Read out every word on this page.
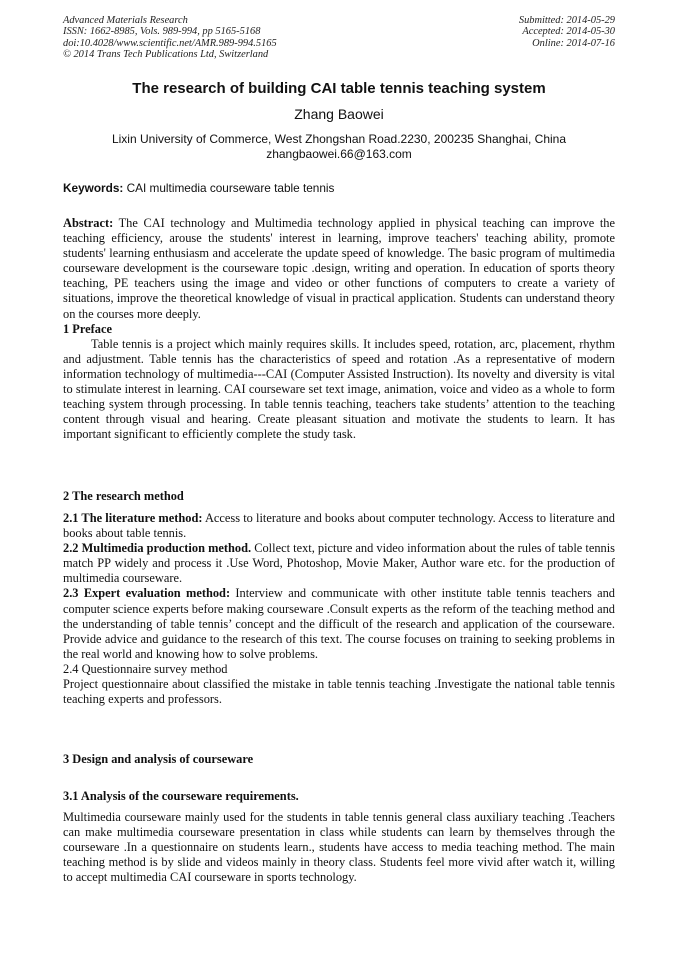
Advanced Materials Research
ISSN: 1662-8985, Vols. 989-994, pp 5165-5168
doi:10.4028/www.scientific.net/AMR.989-994.5165
© 2014 Trans Tech Publications Ltd, Switzerland
Submitted: 2014-05-29
Accepted: 2014-05-30
Online: 2014-07-16
The research of building CAI table tennis teaching system
Zhang Baowei
Lixin University of Commerce, West Zhongshan Road.2230, 200235 Shanghai, China
zhangbaowei.66@163.com
Keywords: CAI multimedia courseware table tennis

Abstract: The CAI technology and Multimedia technology applied in physical teaching can improve the teaching efficiency, arouse the students' interest in learning, improve teachers' teaching ability, promote students' learning enthusiasm and accelerate the update speed of knowledge. The basic program of multimedia courseware development is the courseware topic .design, writing and operation. In education of sports theory teaching, PE teachers using the image and video or other functions of computers to create a variety of situations, improve the theoretical knowledge of visual in practical application. Students can understand theory on the courses more deeply.

1 Preface

Table tennis is a project which mainly requires skills. It includes speed, rotation, arc, placement, rhythm and adjustment. Table tennis has the characteristics of speed and rotation .As a representative of modern information technology of multimedia---CAI (Computer Assisted Instruction). Its novelty and diversity is vital to stimulate interest in learning. CAI courseware set text image, animation, voice and video as a whole to form teaching system through processing. In table tennis teaching, teachers take students’ attention to the teaching content through visual and hearing. Create pleasant situation and motivate the students to learn. It has important significant to efficiently complete the study task.

2 The research method

2.1 The literature method: Access to literature and books about computer technology. Access to literature and books about table tennis.

2.2 Multimedia production method. Collect text, picture and video information about the rules of table tennis match PP widely and process it .Use Word, Photoshop, Movie Maker, Author ware etc. for the production of multimedia courseware.

2.3 Expert evaluation method: Interview and communicate with other institute table tennis teachers and computer science experts before making courseware .Consult experts as the reform of the teaching method and the understanding of table tennis’ concept and the difficult of the research and application of the courseware. Provide advice and guidance to the research of this text. The course focuses on training to seeking problems in the real world and knowing how to solve problems.

2.4 Questionnaire survey method

Project questionnaire about classified the mistake in table tennis teaching .Investigate the national table tennis teaching experts and professors.

3 Design and analysis of courseware
3.1 Analysis of the courseware requirements.

Multimedia courseware mainly used for the students in table tennis general class auxiliary teaching .Teachers can make multimedia courseware presentation in class while students can learn by themselves through the courseware .In a questionnaire on students learn., students have access to media teaching method. The main teaching method is by slide and videos mainly in theory class. Students feel more vivid after watch it, willing to accept multimedia CAI courseware in sports technology.
